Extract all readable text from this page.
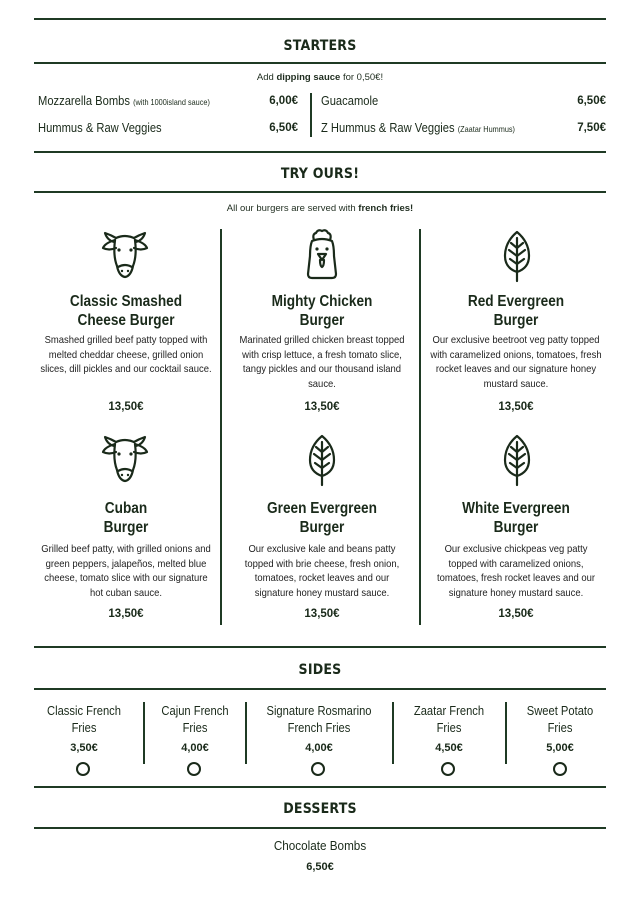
STARTERS
Add dipping sauce for 0,50€!
Mozzarella Bombs (with 1000island sauce)	6,00€
Hummus & Raw Veggies	6,50€
Guacamole	6,50€
Z Hummus & Raw Veggies (Zaatar Hummus)	7,50€
TRY OURS!
All our burgers are served with french fries!
Classic Smashed
Cheese Burger
Smashed grilled beef patty topped with melted cheddar cheese, grilled onion slices, dill pickles and our cocktail sauce.
13,50€
Mighty Chicken
Burger
Marinated grilled chicken breast topped with crisp lettuce, a fresh tomato slice, tangy pickles and our thousand island sauce.
13,50€
Red Evergreen
Burger
Our exclusive beetroot veg patty topped with caramelized onions, tomatoes, fresh rocket leaves and our signature honey mustard sauce.
13,50€
Cuban
Burger
Grilled beef patty, with grilled onions and green peppers, jalapeños, melted blue cheese, tomato slice with our signature hot cuban sauce.
13,50€
Green Evergreen
Burger
Our exclusive kale and beans patty topped with brie cheese, fresh onion, tomatoes, rocket leaves and our signature honey mustard sauce.
13,50€
White Evergreen
Burger
Our exclusive chickpeas veg patty topped with caramelized onions, tomatoes, fresh rocket leaves and our signature honey mustard sauce.
13,50€
SIDES
Classic French
Fries
3,50€
Cajun French
Fries
4,00€
Signature Rosmarino
French Fries
4,00€
Zaatar French
Fries
4,50€
Sweet Potato
Fries
5,00€
DESSERTS
Chocolate Bombs
6,50€
